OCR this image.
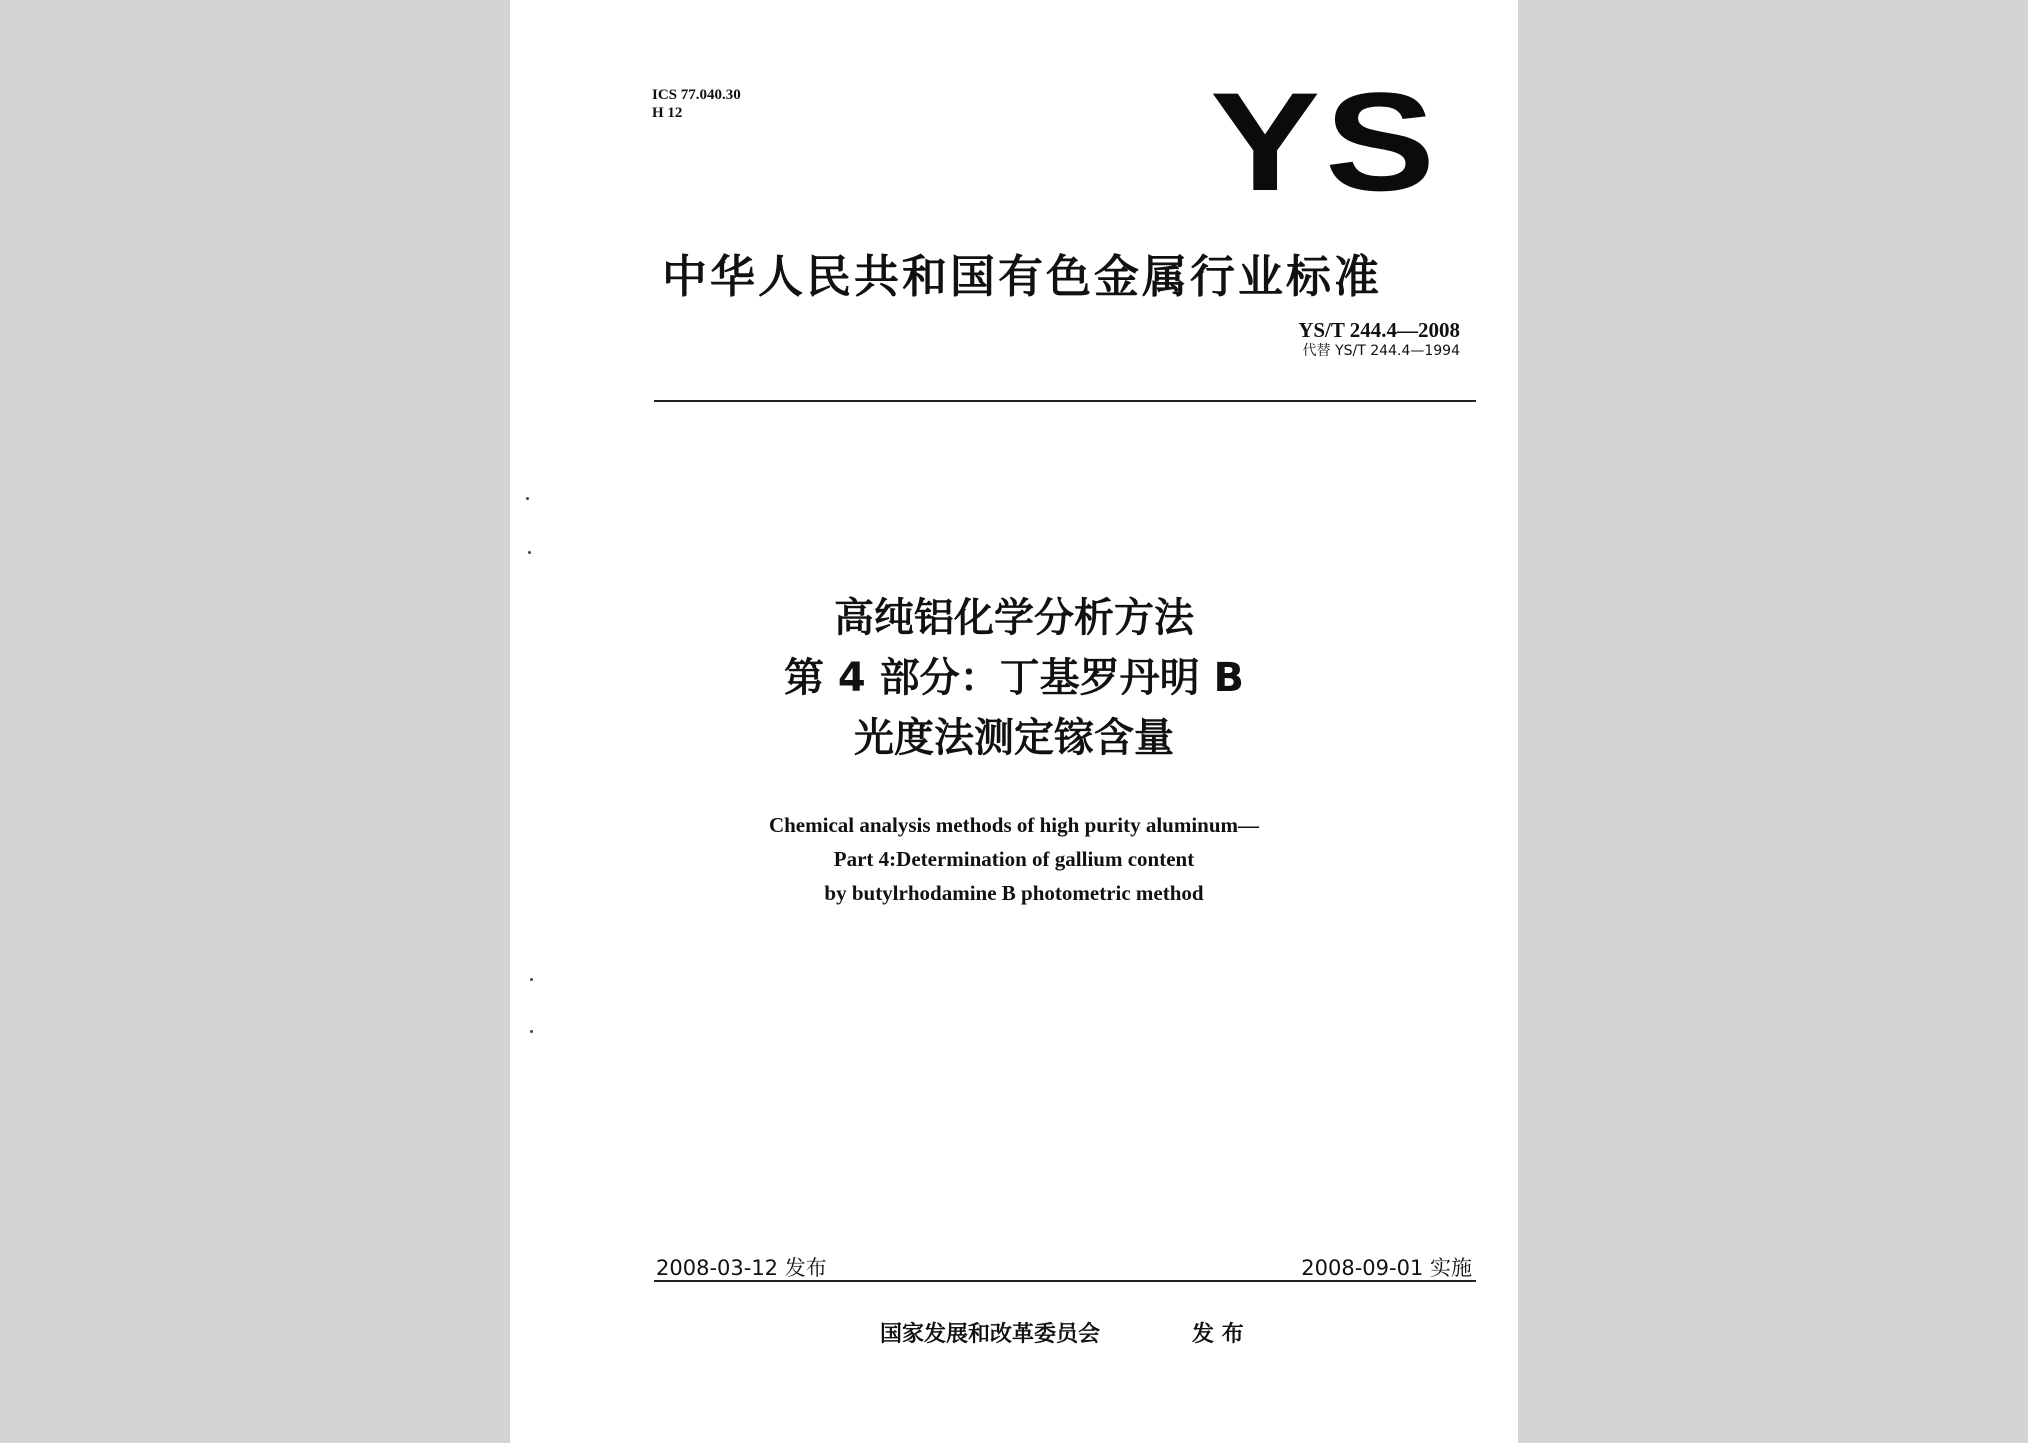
ICS 77.040.30
H 12	YS
中华人民共和国有色金属行业标准
YS/T 244.4—2008
代替 YS/T 244.4—1994
高纯铝化学分析方法
第 4 部分：丁基罗丹明 B
光度法测定镓含量
Chemical analysis methods of high purity aluminum—
Part 4:Determination of gallium content
by butylrhodamine B photometric method
2008-03-12 发布	2008-09-01 实施
国家发展和改革委员会	发 布
